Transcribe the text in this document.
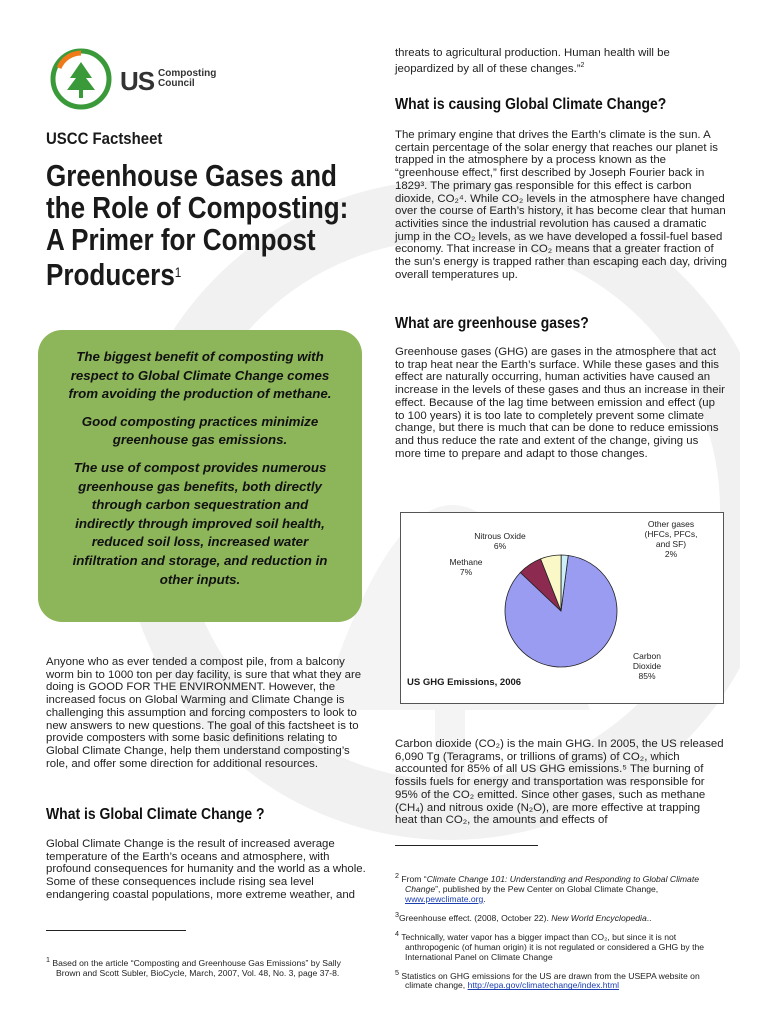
US Composting
Council
USCC Factsheet
Greenhouse Gases and
the Role of Composting:
A Primer for Compost
Producers$^1$

The biggest benefit of composting with respect to Global Climate Change comes from avoiding the production of methane.

Good composting practices minimize greenhouse gas emissions.

The use of compost provides numerous greenhouse gas benefits, both directly through carbon sequestration and indirectly through improved soil health, reduced soil loss, increased water infiltration and storage, and reduction in other inputs.

Anyone who as ever tended a compost pile, from a balcony worm bin to 1000 ton per day facility, is sure that what they are doing is GOOD FOR THE ENVIRONMENT. However, the increased focus on Global Warming and Climate Change is challenging this assumption and forcing composters to look to new answers to new questions. The goal of this factsheet is to provide composters with some basic definitions relating to Global Climate Change, help them understand composting’s role, and offer some direction for additional resources.
What is Global Climate Change ?
Global Climate Change is the result of increased average temperature of the Earth’s oceans and atmosphere, with profound consequences for humanity and the world as a whole. Some of these consequences include rising sea level endangering coastal populations, more extreme weather, and

$^1$ Based on the article “Composting and Greenhouse Gas Emissions” by Sally Brown and Scott Subler, BioCycle, March, 2007, Vol. 48, No. 3, page 37-8.

threats to agricultural production. Human health will be jeopardized by all of these changes.”$^2$
What is causing Global Climate Change?
The primary engine that drives the Earth’s climate is the sun. A certain percentage of the solar energy that reaches our planet is trapped in the atmosphere by a process known as the “greenhouse effect,” first described by Joseph Fourier back in 1829³. The primary gas responsible for this effect is carbon dioxide, CO₂⁴. While CO₂ levels in the atmosphere have changed over the course of Earth’s history, it has become clear that human activities since the industrial revolution has caused a dramatic jump in the CO₂ levels, as we have developed a fossil-fuel based economy. That increase in CO₂ means that a greater fraction of the sun’s energy is trapped rather than escaping each day, driving overall temperatures up.
What are greenhouse gases?
Greenhouse gases (GHG) are gases in the atmosphere that act to trap heat near the Earth’s surface. While these gases and this effect are naturally occurring, human activities have caused an increase in the levels of these gases and thus an increase in their effect. Because of the lag time between emission and effect (up to 100 years) it is too late to completely prevent some climate change, but there is much that can be done to reduce emissions and thus reduce the rate and extent of the change, giving us more time to prepare and adapt to those changes.
Nitrous Oxide
6%
Methane
7%
Other gases
(HFCs, PFCs,
and SF)
2%
Carbon
Dioxide
85%
US GHG Emissions, 2006
Carbon dioxide (CO₂) is the main GHG. In 2005, the US released 6,090 Tg (Teragrams, or trillions of grams) of CO₂, which accounted for 85% of all US GHG emissions.⁵ The burning of fossils fuels for energy and transportation was responsible for 95% of the CO₂ emitted. Since other gases, such as methane (CH₄) and nitrous oxide (N₂O), are more effective at trapping heat than CO₂, the amounts and effects of

$^2$ From “Climate Change 101: Understanding and Responding to Global Climate Change”, published by the Pew Center on Global Climate Change, www.pewclimate.org.

$^3$Greenhouse effect. (2008, October 22). New World Encyclopedia..

$^4$ Technically, water vapor has a bigger impact than CO₂, but since it is not anthropogenic (of human origin) it is not regulated or considered a GHG by the International Panel on Climate Change

$^5$ Statistics on GHG emissions for the US are drawn from the USEPA website on climate change, http://epa.gov/climatechange/index.html
